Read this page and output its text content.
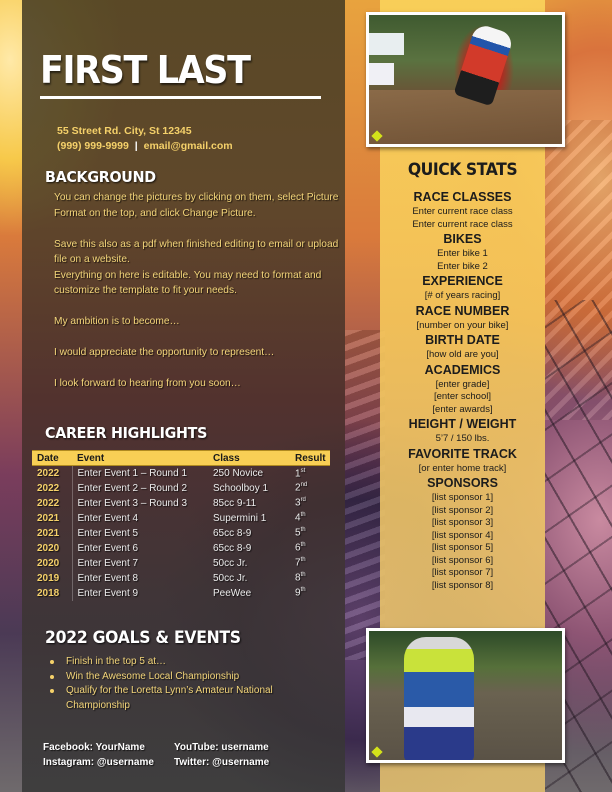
FIRST LAST
55 Street Rd. City, St 12345
(999) 999-9999 | email@gmail.com
BACKGROUND

You can change the pictures by clicking on them, select Picture Format on the top, and click Change Picture.

Save this also as a pdf when finished editing to email or upload file on a website.

Everything on here is editable. You may need to format and customize the template to fit your needs.

My ambition is to become…

I would appreciate the opportunity to represent…

I look forward to hearing from you soon…

CAREER HIGHLIGHTS
Date	Event	Class	Result
2022	Enter Event 1 – Round 1	250 Novice	1st
2022	Enter Event 2 – Round 2	Schoolboy 1	2nd
2022	Enter Event 3 – Round 3	85cc 9-11	3rd
2021	Enter Event 4	Supermini 1	4th
2021	Enter Event 5	65cc 8-9	5th
2020	Enter Event 6	65cc 8-9	6th
2020	Enter Event 7	50cc Jr.	7th
2019	Enter Event 8	50cc Jr.	8th
2018	Enter Event 9	PeeWee	9th
2022 GOALS & EVENTS
Finish in the top 5 at…
Win the Awesome Local Championship
Qualify for the Loretta Lynn’s Amateur National Championship
Facebook: YourName
Instagram: @username
YouTube: username
Twitter: @username
QUICK STATS
RACE CLASSES
Enter current race class
Enter current race class
BIKES
Enter bike 1
Enter bike 2
EXPERIENCE
[# of years racing]
RACE NUMBER
[number on your bike]
BIRTH DATE
[how old are you]
ACADEMICS
[enter grade]
[enter school]
[enter awards]
HEIGHT / WEIGHT
5’7 / 150 lbs.
FAVORITE TRACK
[or enter home track]
SPONSORS
[list sponsor 1]
[list sponsor 2]
[list sponsor 3]
[list sponsor 4]
[list sponsor 5]
[list sponsor 6]
[list sponsor 7]
[list sponsor 8]
